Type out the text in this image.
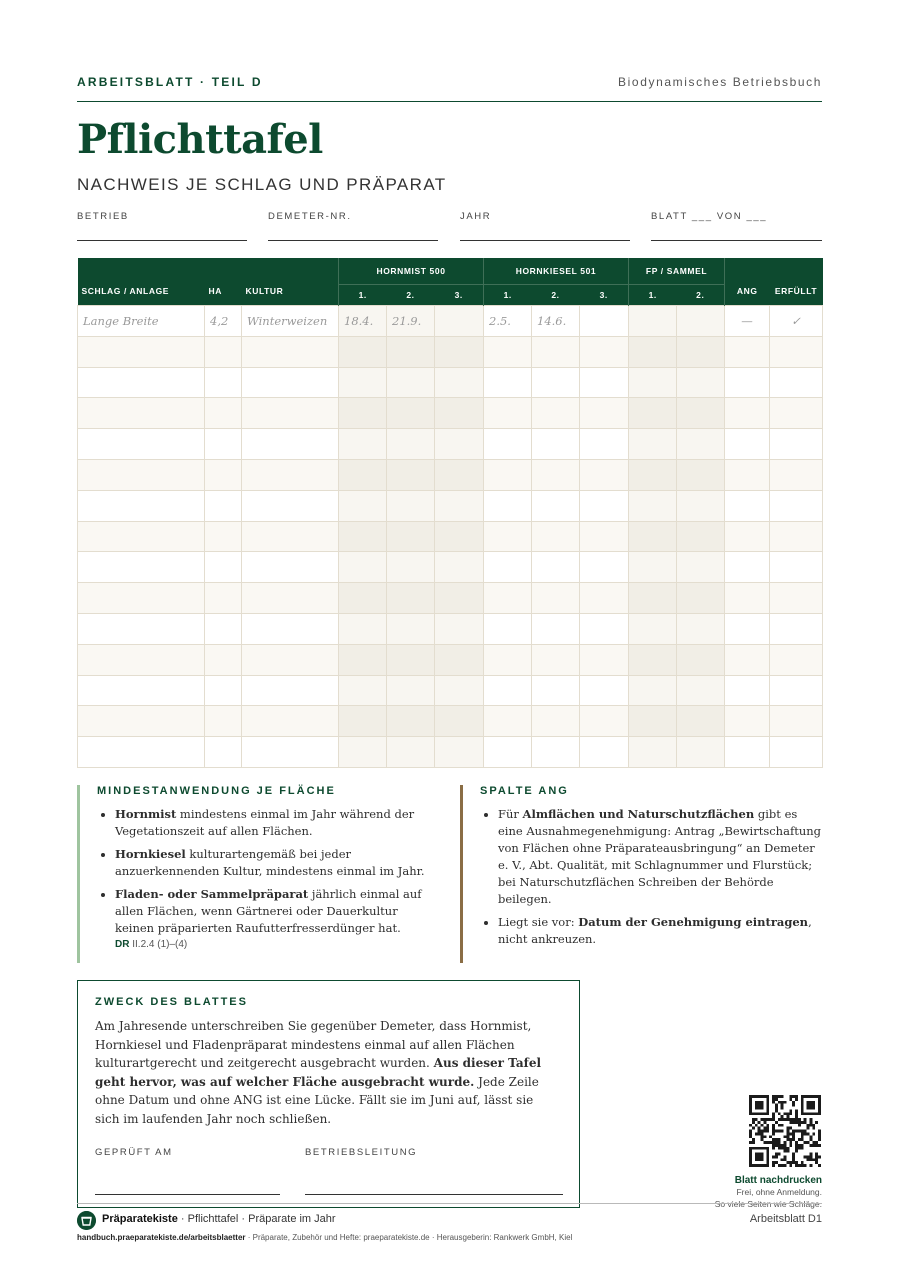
ARBEITSBLATT · TEIL D	Biodynamisches Betriebsbuch
Pflichttafel
NACHWEIS JE SCHLAG UND PRÄPARAT
BETRIEB	DEMETER-NR.	JAHR	BLATT ___ VON ___
SCHLAG / ANLAGE	HA	KULTUR	HORNMIST 500			HORNKIESEL 501			FP / SAMMEL		ANG	ERFÜLLT
			1.	2.	3.	1.	2.	3.	1.	2.		
Lange Breite	4,2	Winterweizen	18.4.	21.9.		2.5.	14.6.				—	✓

MINDESTANWENDUNG JE FLÄCHE
• Hornmist mindestens einmal im Jahr während der Vegetationszeit auf allen Flächen.
• Hornkiesel kulturartengemäß bei jeder anzuerkennenden Kultur, mindestens einmal im Jahr.
• Fladen- oder Sammelpräparat jährlich einmal auf allen Flächen, wenn Gärtnerei oder Dauerkultur keinen präparierten Raufutterfresserdünger hat.
DR II.2.4 (1)–(4)
SPALTE ANG
• Für Almflächen und Naturschutzflächen gibt es eine Ausnahmegenehmigung: Antrag „Bewirtschaftung von Flächen ohne Präparateausbringung“ an Demeter e. V., Abt. Qualität, mit Schlagnummer und Flurstück; bei Naturschutzflächen Schreiben der Behörde beilegen.
• Liegt sie vor: Datum der Genehmigung eintragen, nicht ankreuzen.
ZWECK DES BLATTES

Am Jahresende unterschreiben Sie gegenüber Demeter, dass Hornmist, Hornkiesel und Fladenpräparat mindestens einmal auf allen Flächen kulturartgerecht und zeitgerecht ausgebracht wurden. Aus dieser Tafel geht hervor, was auf welcher Fläche ausgebracht wurde. Jede Zeile ohne Datum und ohne ANG ist eine Lücke. Fällt sie im Juni auf, lässt sie sich im laufenden Jahr noch schließen.

GEPRÜFT AM	BETRIEBSLEITUNG
Blatt nachdrucken
Frei, ohne Anmeldung.
So viele Seiten wie Schläge.
Präparatekiste · Pflichttafel · Präparate im Jahr
handbuch.praeparatekiste.de/arbeitsblaetter · Präparate, Zubehör und Hefte: praeparatekiste.de · Herausgeberin: Rankwerk GmbH, Kiel
Arbeitsblatt D1
